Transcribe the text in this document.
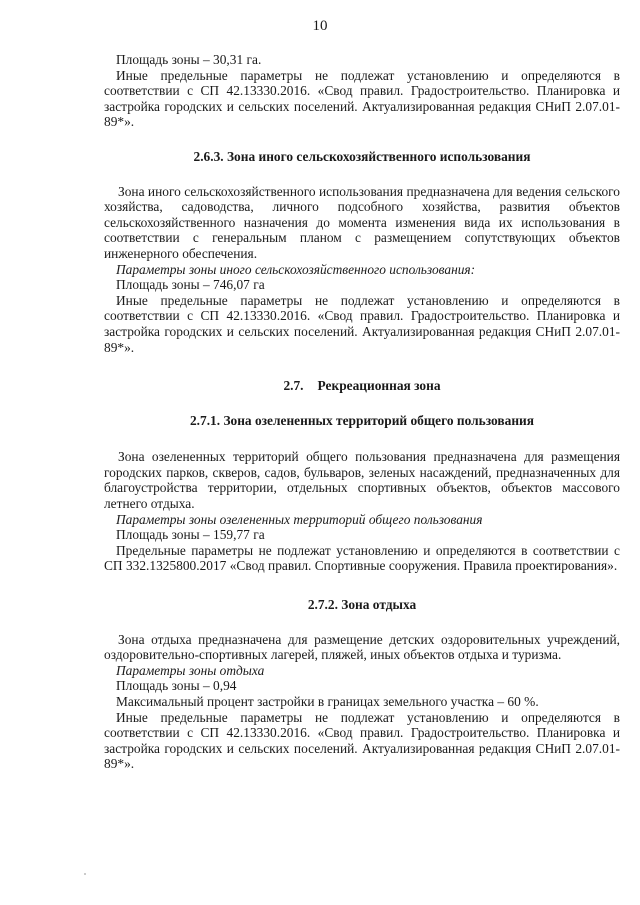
10

Площадь зоны – 30,31 га.

Иные предельные параметры не подлежат установлению и определяются в соответствии с СП 42.13330.2016. «Свод правил. Градостроительство. Планировка и застройка городских и сельских поселений. Актуализированная редакция СНиП 2.07.01-89*».

2.6.3. Зона иного сельскохозяйственного использования

Зона иного сельскохозяйственного использования предназначена для ведения сельского хозяйства, садоводства, личного подсобного хозяйства, развития объектов сельскохозяйственного назначения до момента изменения вида их использования в соответствии с генеральным планом с размещением сопутствующих объектов инженерного обеспечения.

Параметры зоны иного сельскохозяйственного использования:

Площадь зоны – 746,07 га

Иные предельные параметры не подлежат установлению и определяются в соответствии с СП 42.13330.2016. «Свод правил. Градостроительство. Планировка и застройка городских и сельских поселений. Актуализированная редакция СНиП 2.07.01-89*».

2.7. Рекреационная зона
2.7.1. Зона озелененных территорий общего пользования

Зона озелененных территорий общего пользования предназначена для размещения городских парков, скверов, садов, бульваров, зеленых насаждений, предназначенных для благоустройства территории, отдельных спортивных объектов, объектов массового летнего отдыха.

Параметры зоны озелененных территорий общего пользования

Площадь зоны – 159,77 га

Предельные параметры не подлежат установлению и определяются в соответствии с СП 332.1325800.2017 «Свод правил. Спортивные сооружения. Правила проектирования».

2.7.2. Зона отдыха

Зона отдыха предназначена для размещение детских оздоровительных учреждений, оздоровительно-спортивных лагерей, пляжей, иных объектов отдыха и туризма.

Параметры зоны отдыха

Площадь зоны – 0,94

Максимальный процент застройки в границах земельного участка – 60 %.

Иные предельные параметры не подлежат установлению и определяются в соответствии с СП 42.13330.2016. «Свод правил. Градостроительство. Планировка и застройка городских и сельских поселений. Актуализированная редакция СНиП 2.07.01-89*».
